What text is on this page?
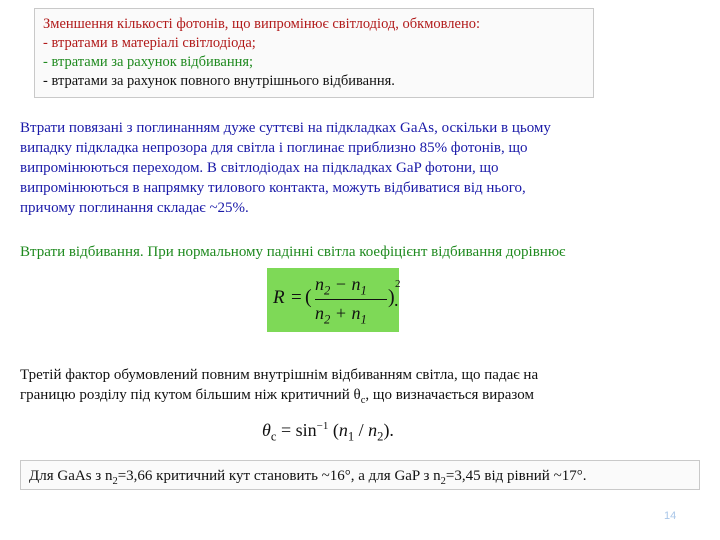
Зменшення кількості фотонів, що випромінює світлодіод, обкмовлено:
- втратами в матеріалі світлодіода;
- втратами за рахунок відбивання;
- втратами за рахунок повного внутрішнього відбивання.
Втрати повязані з поглинанням дуже суттєві на підкладках GaAs, оскільки в цьому
випадку підкладка непрозора для світла і поглинає приблизно 85% фотонів, що
випромінюються переходом. В світлодіодах на підкладках GaP фотони, що
випромінюються в напрямку тилового контакта, можуть відбиватися від нього,
причому поглинання складає ~25%.
Втрати відбивання. При нормальному падінні світла коефіцієнт відбивання дорівнює
R = (
$n_2 - n_1$
$n_2 + n_1$
)
2
.
Третій фактор обумовлений повним внутрішнім відбиванням світла, що падає на
границю розділу під кутом більшим ніж критичний $\theta_c$, що визначається виразом
$\theta_c = \sin^{-1} (n_1 / n_2)$.
Для GaAs з $n_2=3,66$ критичний кут становить ~16°, а для GaP з $n_2=3,45$ від рівний ~17°.
14
